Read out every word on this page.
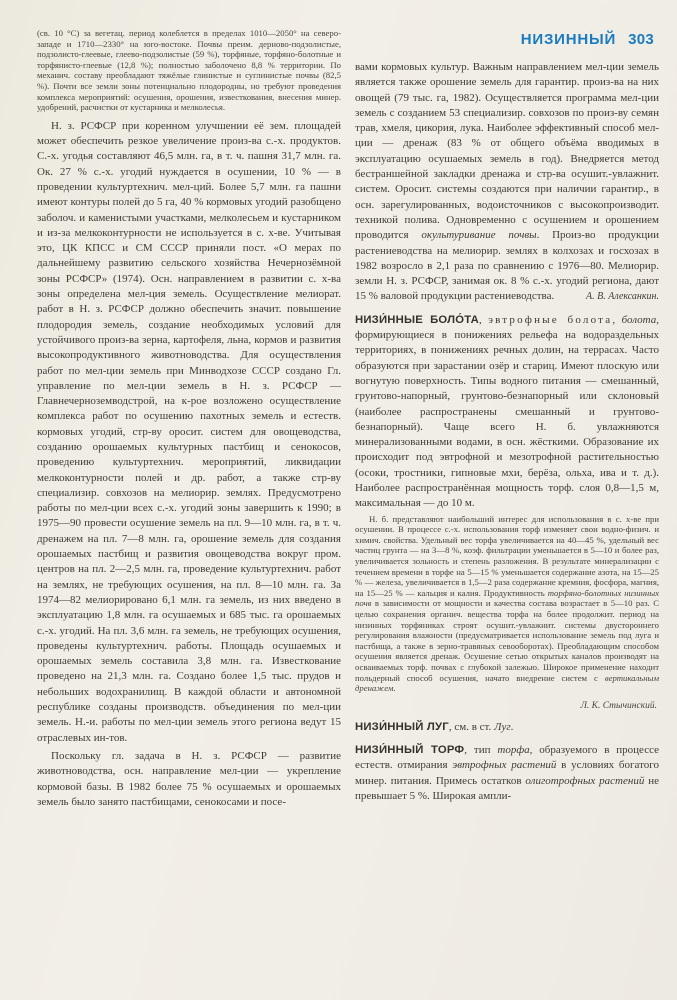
НИЗИННЫЙ 303
(св. 10 °C) за вегетац. период колеблется в пределах 1010—2050° на северо-западе и 1710—2330° на юго-востоке. Почвы преим. дерново-подзолистые, подзолисто-глеевые, глеево-подзолистые (59 %), торфяные, торфяно-болотные и торфянисто-глеевые (12,8 %); полностью заболочено 8,8 % территории. По механич. составу преобладают тяжёлые глинистые и суглинистые почвы (82,5 %). Почти все земли зоны потенциально плодородны, но требуют проведения комплекса мероприятий: осушения, орошения, известкования, внесения минер. удобрений, расчистки от кустарника и мелколесья.
Н. з. РСФСР при коренном улучшении её зем. площадей может обеспечить резкое увеличение произ-ва с.-х. продуктов. С.-х. угодья составляют 46,5 млн. га, в т. ч. пашня 31,7 млн. га. Ок. 27 % с.-х. угодий нуждается в осушении, 10 % — в проведении культуртехнич. мел-ций. Более 5,7 млн. га пашни имеют контуры полей до 5 га, 40 % кормовых угодий разобщено заболоч. и каменистыми участками, мелколесьем и кустарником и из-за мелкоконтурности не используется в с. х-ве. Учитывая это, ЦК КПСС и СМ СССР приняли пост. «О мерах по дальнейшему развитию сельского хозяйства Нечернозёмной зоны РСФСР» (1974). Осн. направлением в развитии с. х-ва зоны определена мел-ция земель. Осуществление мелиорат. работ в Н. з. РСФСР должно обеспечить значит. повышение плодородия земель, создание необходимых условий для устойчивого произ-ва зерна, картофеля, льна, кормов и развития высокопродуктивного животноводства. Для осуществления работ по мел-ции земель при Минводхозе СССР создано Гл. управление по мел-ции земель в Н. з. РСФСР — Главнечерноземводстрой, на к-рое возложено осуществление комплекса работ по осушению пахотных земель и естеств. кормовых угодий, стр-ву оросит. систем для овощеводства, созданию орошаемых культурных пастбищ и сенокосов, проведению культуртехнич. мероприятий, ликвидации мелкоконтурности полей и др. работ, а также стр-ву специализир. совхозов на мелиорир. землях. Предусмотрено работы по мел-ции всех с.-х. угодий зоны завершить к 1990; в 1975—90 провести осушение земель на пл. 9—10 млн. га, в т. ч. дренажем на пл. 7—8 млн. га, орошение земель для создания орошаемых пастбищ и развития овощеводства вокруг пром. центров на пл. 2—2,5 млн. га, проведение культуртехнич. работ на землях, не требующих осушения, на пл. 8—10 млн. га. За 1974—82 мелиорировано 6,1 млн. га земель, из них введено в эксплуатацию 1,8 млн. га осушаемых и 685 тыс. га орошаемых с.-х. угодий. На пл. 3,6 млн. га земель, не требующих осушения, проведены культуртехнич. работы. Площадь осушаемых и орошаемых земель составила 3,8 млн. га. Известкование проведено на 21,3 млн. га. Создано более 1,5 тыс. прудов и небольших водохранилищ. В каждой области и автономной республике созданы производств. объединения по мел-ции земель. Н.-и. работы по мел-ции земель этого региона ведут 15 отраслевых ин-тов.
Поскольку гл. задача в Н. з. РСФСР — развитие животноводства, осн. направление мел-ции — укрепление кормовой базы. В 1982 более 75 % осушаемых и орошаемых земель было занято пастбищами, сенокосами и посе-
вами кормовых культур. Важным направлением мел-ции земель является также орошение земель для гарантир. произ-ва на них овощей (79 тыс. га, 1982). Осуществляется программа мел-ции земель с созданием 53 специализир. совхозов по произ-ву семян трав, хмеля, цикория, лука. Наиболее эффективный способ мел-ции — дренаж (83 % от общего объёма вводимых в эксплуатацию осушаемых земель в год). Внедряется метод бестраншейной закладки дренажа и стр-ва осушит.-увлажнит. систем. Оросит. системы создаются при наличии гарантир., в осн. зарегулированных, водоисточников с высокопроизводит. техникой полива. Одновременно с осушением и орошением проводится окультуривание почвы. Произ-во продукции растениеводства на мелиорир. землях в колхозах и госхозах в 1982 возросло в 2,1 раза по сравнению с 1976—80. Мелиорир. земли Н. з. РСФСР, занимая ок. 8 % с.-х. угодий региона, дают 15 % валовой продукции растениеводства.	А. В. Алексанкин.
НИЗИ́ННЫЕ БОЛО́ТА, эвтрофные болота, болота, формирующиеся в понижениях рельефа на водораздельных территориях, в понижениях речных долин, на террасах. Часто образуются при зарастании озёр и стариц. Имеют плоскую или вогнутую поверхность. Типы водного питания — смешанный, грунтово-напорный, грунтово-безнапорный или склоновый (наиболее распространены смешанный и грунтово-безнапорный). Чаще всего Н. б. увлажняются минерализованными водами, в осн. жёсткими. Образование их происходит под эвтрофной и мезотрофной растительностью (осоки, тростники, гипновые мхи, берёза, ольха, ива и т. д.). Наиболее распространённая мощность торф. слоя 0,8—1,5 м, максимальная — до 10 м.
Н. б. представляют наибольший интерес для использования в с. х-ве при осушении. В процессе с.-х. использования торф изменяет свои водно-физич. и химич. свойства. Удельный вес торфа увеличивается на 40—45 %, удельный вес частиц грунта — на 3—8 %, коэф. фильтрации уменьшается в 5—10 и более раз, увеличивается зольность и степень разложения. В результате минерализации с течением времени в торфе на 5—15 % уменьшается содержание азота, на 15—25 % — железа, увеличивается в 1,5—2 раза содержание кремния, фосфора, магния, на 15—25 % — кальция и калия. Продуктивность торфяно-болотных низинных почв в зависимости от мощности и качества состава возрастает в 5—10 раз. С целью сохранения органич. вещества торфа на более продолжит. период на низинных торфяниках строят осушит.-увлажнит. системы двустороннего регулирования влажности (предусматривается использование земель под луга и пастбища, а также в зерно-травяных севооборотах). Преобладающим способом осушения является дренаж. Осушение сетью открытых каналов производят на осваиваемых торф. почвах с глубокой залежью. Широкое применение находит польдерный способ осушения, начато внедрение систем с вертикальным дренажем.
Л. К. Стычинский.
НИЗИ́ННЫЙ ЛУГ, см. в ст. Луг.
НИЗИ́ННЫЙ ТОРФ, тип торфа, образуемого в процессе естеств. отмирания эвтрофных растений в условиях богатого минер. питания. Примесь остатков олиготрофных растений не превышает 5 %. Широкая ампли-
